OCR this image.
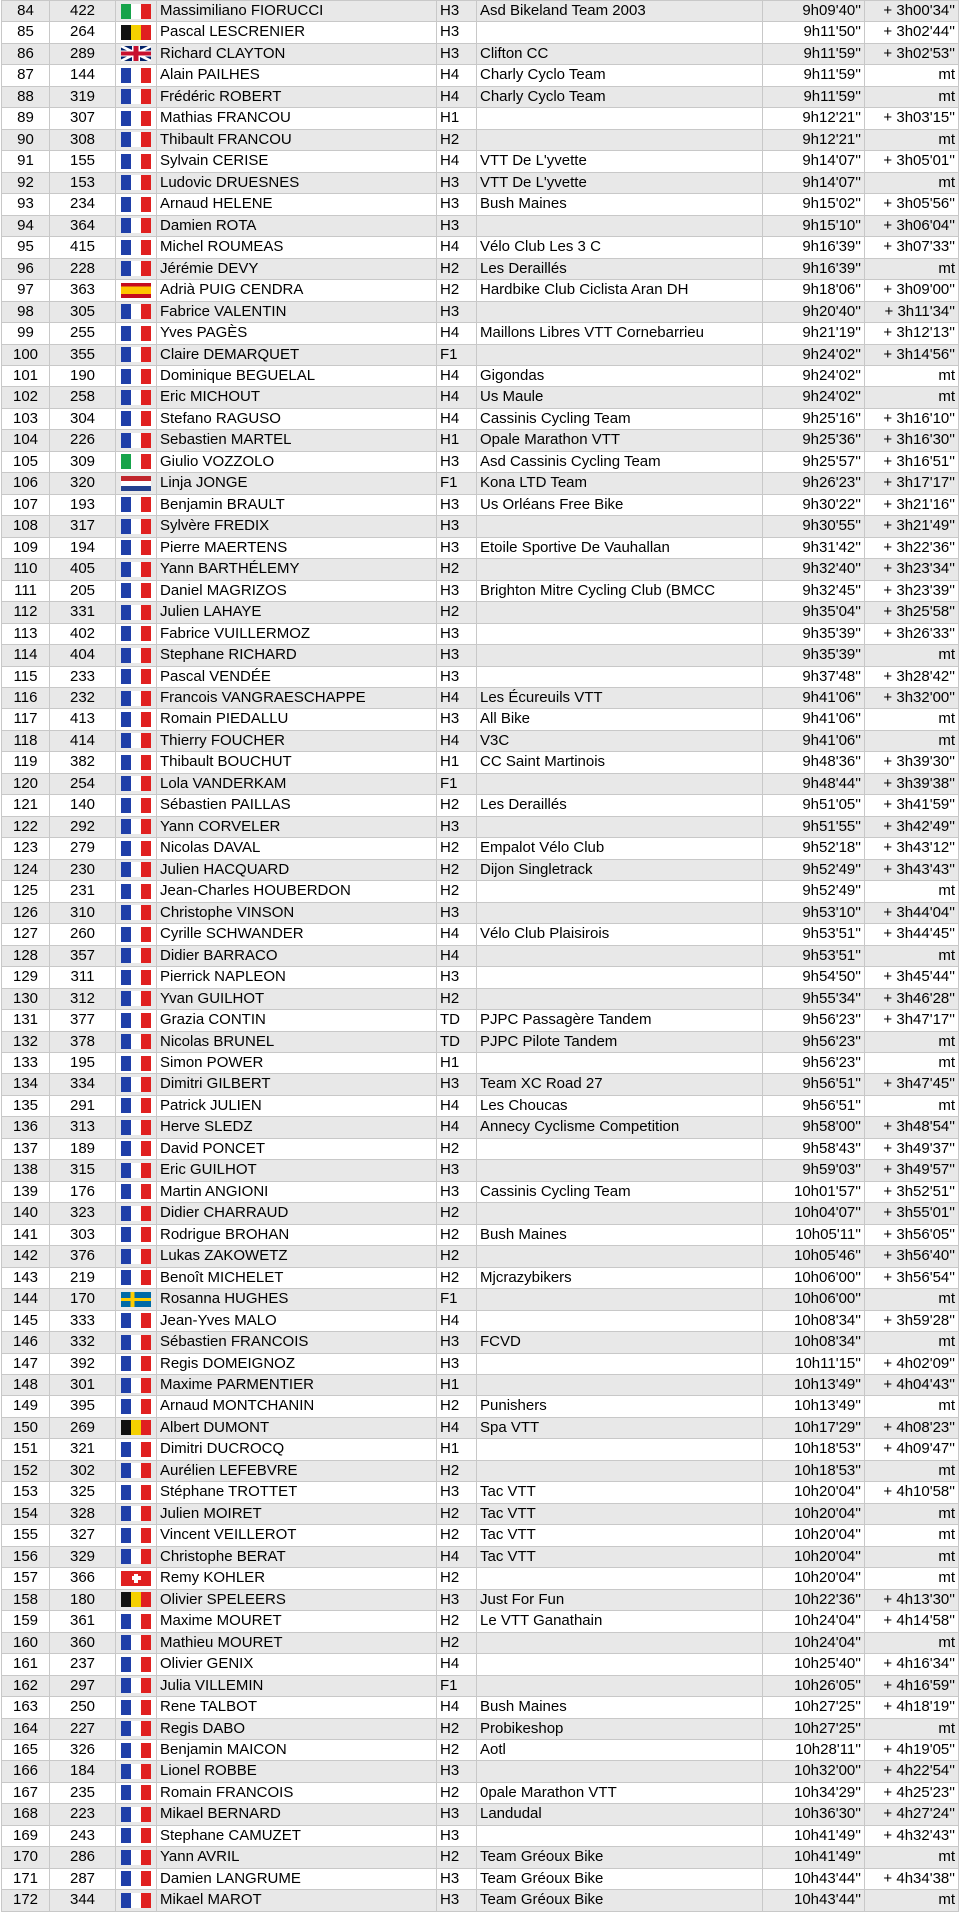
84	422		Massimiliano FIORUCCI	H3	Asd Bikeland Team 2003	9h09'40''	+ 3h00'34''
85	264		Pascal LESCRENIER	H3		9h11'50''	+ 3h02'44''
86	289		Richard CLAYTON	H3	Clifton CC	9h11'59''	+ 3h02'53''
87	144		Alain PAILHES	H4	Charly Cyclo Team	9h11'59''	mt
88	319		Frédéric ROBERT	H4	Charly Cyclo Team	9h11'59''	mt
89	307		Mathias FRANCOU	H1		9h12'21''	+ 3h03'15''
90	308		Thibault FRANCOU	H2		9h12'21''	mt
91	155		Sylvain CERISE	H4	VTT De L'yvette	9h14'07''	+ 3h05'01''
92	153		Ludovic DRUESNES	H3	VTT De L'yvette	9h14'07''	mt
93	234		Arnaud HELENE	H3	Bush Maines	9h15'02''	+ 3h05'56''
94	364		Damien ROTA	H3		9h15'10''	+ 3h06'04''
95	415		Michel ROUMEAS	H4	Vélo Club Les 3 C	9h16'39''	+ 3h07'33''
96	228		Jérémie DEVY	H2	Les Deraillés	9h16'39''	mt
97	363		Adrià PUIG CENDRA	H2	Hardbike Club Ciclista Aran DH	9h18'06''	+ 3h09'00''
98	305		Fabrice VALENTIN	H3		9h20'40''	+ 3h11'34''
99	255		Yves PAGÈS	H4	Maillons Libres VTT Cornebarrieu	9h21'19''	+ 3h12'13''
100	355		Claire DEMARQUET	F1		9h24'02''	+ 3h14'56''
101	190		Dominique BEGUELAL	H4	Gigondas	9h24'02''	mt
102	258		Eric MICHOUT	H4	Us Maule	9h24'02''	mt
103	304		Stefano RAGUSO	H4	Cassinis Cycling Team	9h25'16''	+ 3h16'10''
104	226		Sebastien MARTEL	H1	Opale Marathon VTT	9h25'36''	+ 3h16'30''
105	309		Giulio VOZZOLO	H3	Asd Cassinis Cycling Team	9h25'57''	+ 3h16'51''
106	320		Linja JONGE	F1	Kona LTD Team	9h26'23''	+ 3h17'17''
107	193		Benjamin BRAULT	H3	Us Orléans Free Bike	9h30'22''	+ 3h21'16''
108	317		Sylvère FREDIX	H3		9h30'55''	+ 3h21'49''
109	194		Pierre MAERTENS	H3	Etoile Sportive De Vauhallan	9h31'42''	+ 3h22'36''
110	405		Yann BARTHÉLEMY	H2		9h32'40''	+ 3h23'34''
111	205		Daniel MAGRIZOS	H3	Brighton Mitre Cycling Club (BMCC	9h32'45''	+ 3h23'39''
112	331		Julien LAHAYE	H2		9h35'04''	+ 3h25'58''
113	402		Fabrice VUILLERMOZ	H3		9h35'39''	+ 3h26'33''
114	404		Stephane RICHARD	H3		9h35'39''	mt
115	233		Pascal VENDÉE	H3		9h37'48''	+ 3h28'42''
116	232		Francois VANGRAESCHAPPE	H4	Les Écureuils VTT	9h41'06''	+ 3h32'00''
117	413		Romain PIEDALLU	H3	All Bike	9h41'06''	mt
118	414		Thierry FOUCHER	H4	V3C	9h41'06''	mt
119	382		Thibault BOUCHUT	H1	CC Saint Martinois	9h48'36''	+ 3h39'30''
120	254		Lola VANDERKAM	F1		9h48'44''	+ 3h39'38''
121	140		Sébastien PAILLAS	H2	Les Deraillés	9h51'05''	+ 3h41'59''
122	292		Yann CORVELER	H3		9h51'55''	+ 3h42'49''
123	279		Nicolas DAVAL	H2	Empalot Vélo Club	9h52'18''	+ 3h43'12''
124	230		Julien HACQUARD	H2	Dijon Singletrack	9h52'49''	+ 3h43'43''
125	231		Jean-Charles HOUBERDON	H2		9h52'49''	mt
126	310		Christophe VINSON	H3		9h53'10''	+ 3h44'04''
127	260		Cyrille SCHWANDER	H4	Vélo Club Plaisirois	9h53'51''	+ 3h44'45''
128	357		Didier BARRACO	H4		9h53'51''	mt
129	311		Pierrick NAPLEON	H3		9h54'50''	+ 3h45'44''
130	312		Yvan GUILHOT	H2		9h55'34''	+ 3h46'28''
131	377		Grazia CONTIN	TD	PJPC Passagère Tandem	9h56'23''	+ 3h47'17''
132	378		Nicolas BRUNEL	TD	PJPC Pilote Tandem	9h56'23''	mt
133	195		Simon POWER	H1		9h56'23''	mt
134	334		Dimitri GILBERT	H3	Team XC Road 27	9h56'51''	+ 3h47'45''
135	291		Patrick JULIEN	H4	Les Choucas	9h56'51''	mt
136	313		Herve SLEDZ	H4	Annecy Cyclisme Competition	9h58'00''	+ 3h48'54''
137	189		David PONCET	H2		9h58'43''	+ 3h49'37''
138	315		Eric GUILHOT	H3		9h59'03''	+ 3h49'57''
139	176		Martin ANGIONI	H3	Cassinis Cycling Team	10h01'57''	+ 3h52'51''
140	323		Didier CHARRAUD	H2		10h04'07''	+ 3h55'01''
141	303		Rodrigue BROHAN	H2	Bush Maines	10h05'11''	+ 3h56'05''
142	376		Lukas ZAKOWETZ	H2		10h05'46''	+ 3h56'40''
143	219		Benoît MICHELET	H2	Mjcrazybikers	10h06'00''	+ 3h56'54''
144	170		Rosanna HUGHES	F1		10h06'00''	mt
145	333		Jean-Yves MALO	H4		10h08'34''	+ 3h59'28''
146	332		Sébastien FRANCOIS	H3	FCVD	10h08'34''	mt
147	392		Regis DOMEIGNOZ	H3		10h11'15''	+ 4h02'09''
148	301		Maxime PARMENTIER	H1		10h13'49''	+ 4h04'43''
149	395		Arnaud MONTCHANIN	H2	Punishers	10h13'49''	mt
150	269		Albert DUMONT	H4	Spa VTT	10h17'29''	+ 4h08'23''
151	321		Dimitri DUCROCQ	H1		10h18'53''	+ 4h09'47''
152	302		Aurélien LEFEBVRE	H2		10h18'53''	mt
153	325		Stéphane TROTTET	H3	Tac VTT	10h20'04''	+ 4h10'58''
154	328		Julien MOIRET	H2	Tac VTT	10h20'04''	mt
155	327		Vincent VEILLEROT	H2	Tac VTT	10h20'04''	mt
156	329		Christophe BERAT	H4	Tac VTT	10h20'04''	mt
157	366		Remy KOHLER	H2		10h20'04''	mt
158	180		Olivier SPELEERS	H3	Just For Fun	10h22'36''	+ 4h13'30''
159	361		Maxime MOURET	H2	Le VTT Ganathain	10h24'04''	+ 4h14'58''
160	360		Mathieu MOURET	H2		10h24'04''	mt
161	237		Olivier GENIX	H4		10h25'40''	+ 4h16'34''
162	297		Julia VILLEMIN	F1		10h26'05''	+ 4h16'59''
163	250		Rene TALBOT	H4	Bush Maines	10h27'25''	+ 4h18'19''
164	227		Regis DABO	H2	Probikeshop	10h27'25''	mt
165	326		Benjamin MAICON	H2	Aotl	10h28'11''	+ 4h19'05''
166	184		Lionel ROBBE	H3		10h32'00''	+ 4h22'54''
167	235		Romain FRANCOIS	H2	0pale Marathon VTT	10h34'29''	+ 4h25'23''
168	223		Mikael BERNARD	H3	Landudal	10h36'30''	+ 4h27'24''
169	243		Stephane CAMUZET	H3		10h41'49''	+ 4h32'43''
170	286		Yann AVRIL	H2	Team Gréoux Bike	10h41'49''	mt
171	287		Damien LANGRUME	H3	Team Gréoux Bike	10h43'44''	+ 4h34'38''
172	344		Mikael MAROT	H3	Team Gréoux Bike	10h43'44''	mt
